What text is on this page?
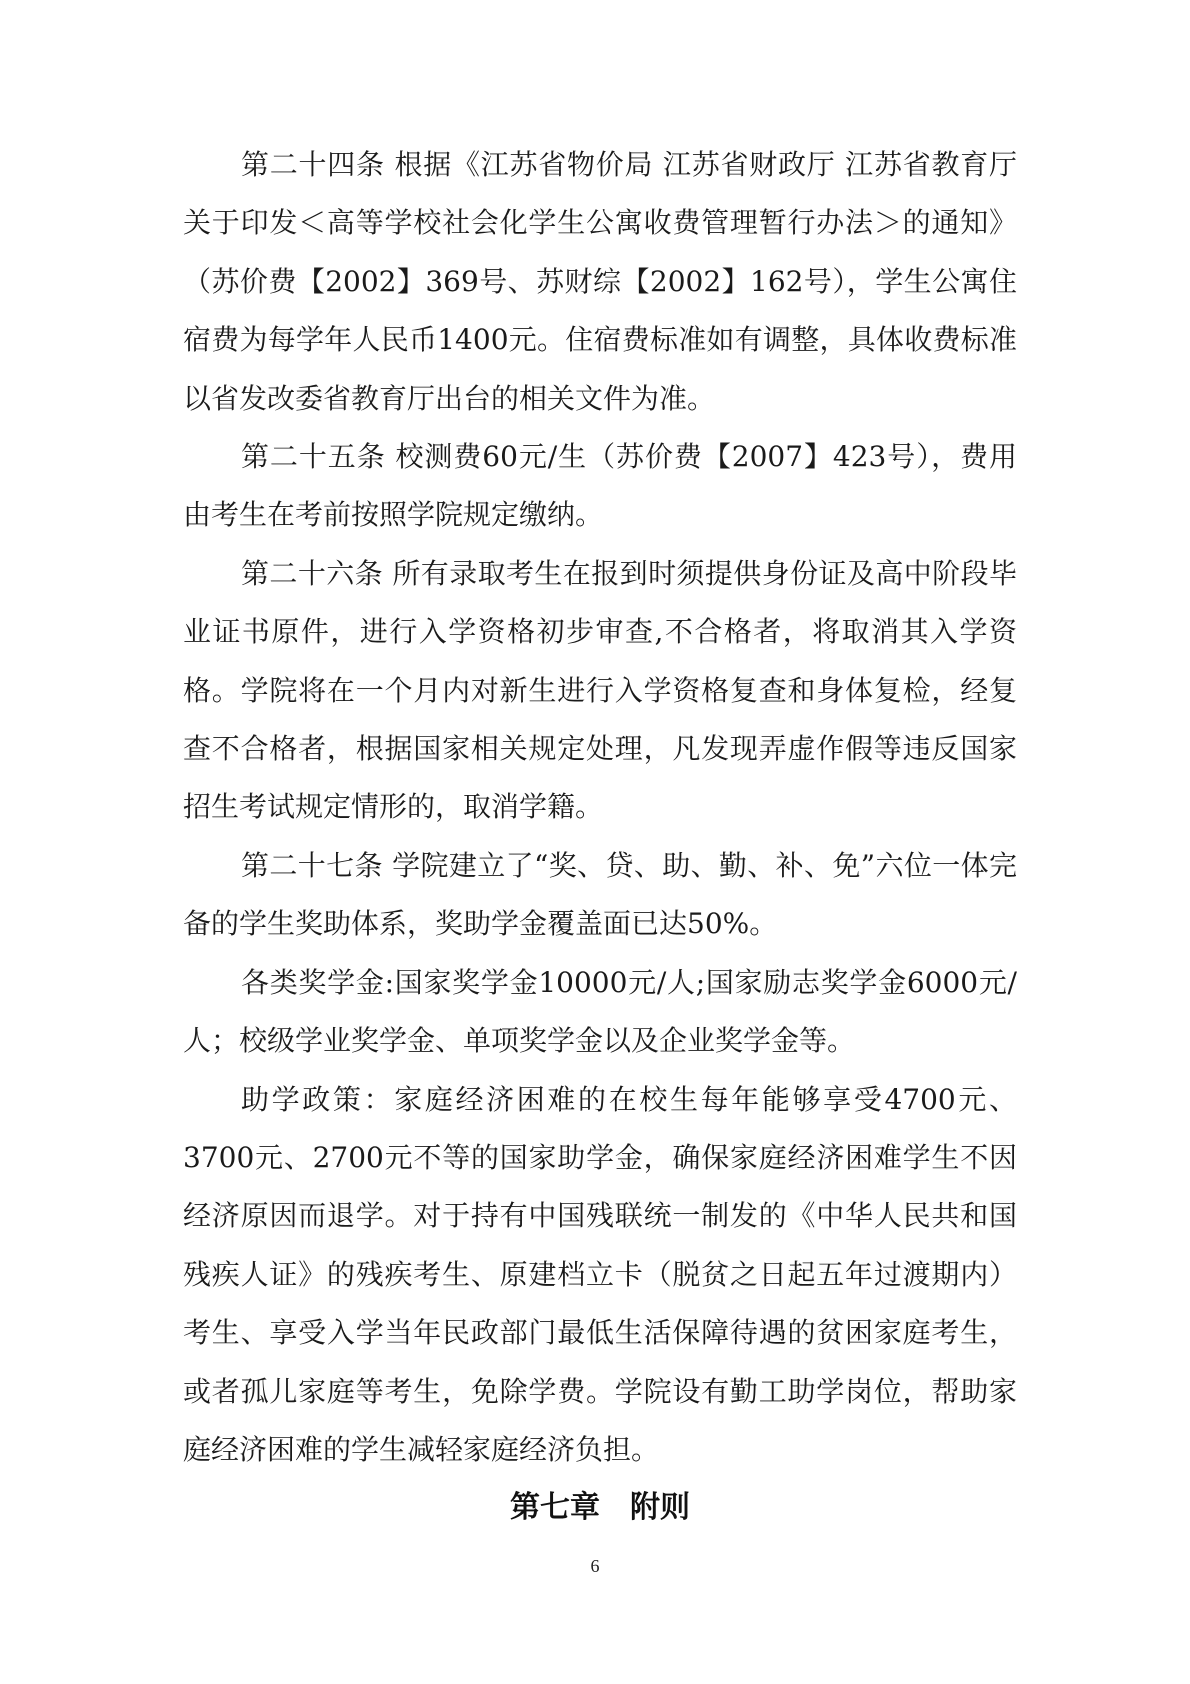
第二十四条 根据《江苏省物价局 江苏省财政厅 江苏省教育厅关于印发＜高等学校社会化学生公寓收费管理暂行办法＞的通知》（苏价费【2002】369号、苏财综【2002】162号），学生公寓住宿费为每学年人民币1400元。住宿费标准如有调整，具体收费标准以省发改委省教育厅出台的相关文件为准。

第二十五条 校测费60元/生（苏价费【2007】423号），费用由考生在考前按照学院规定缴纳。

第二十六条 所有录取考生在报到时须提供身份证及高中阶段毕业证书原件，进行入学资格初步审查,不合格者，将取消其入学资格。学院将在一个月内对新生进行入学资格复查和身体复检，经复查不合格者，根据国家相关规定处理，凡发现弄虚作假等违反国家招生考试规定情形的，取消学籍。

第二十七条 学院建立了“奖、贷、助、勤、补、免”六位一体完备的学生奖助体系，奖助学金覆盖面已达50%。

各类奖学金:国家奖学金10000元/人;国家励志奖学金6000元/人；校级学业奖学金、单项奖学金以及企业奖学金等。

助学政策：家庭经济困难的在校生每年能够享受4700元、3700元、2700元不等的国家助学金，确保家庭经济困难学生不因经济原因而退学。对于持有中国残联统一制发的《中华人民共和国残疾人证》的残疾考生、原建档立卡（脱贫之日起五年过渡期内）考生、享受入学当年民政部门最低生活保障待遇的贫困家庭考生，或者孤儿家庭等考生，免除学费。学院设有勤工助学岗位，帮助家庭经济困难的学生减轻家庭经济负担。

第七章　附则
6
